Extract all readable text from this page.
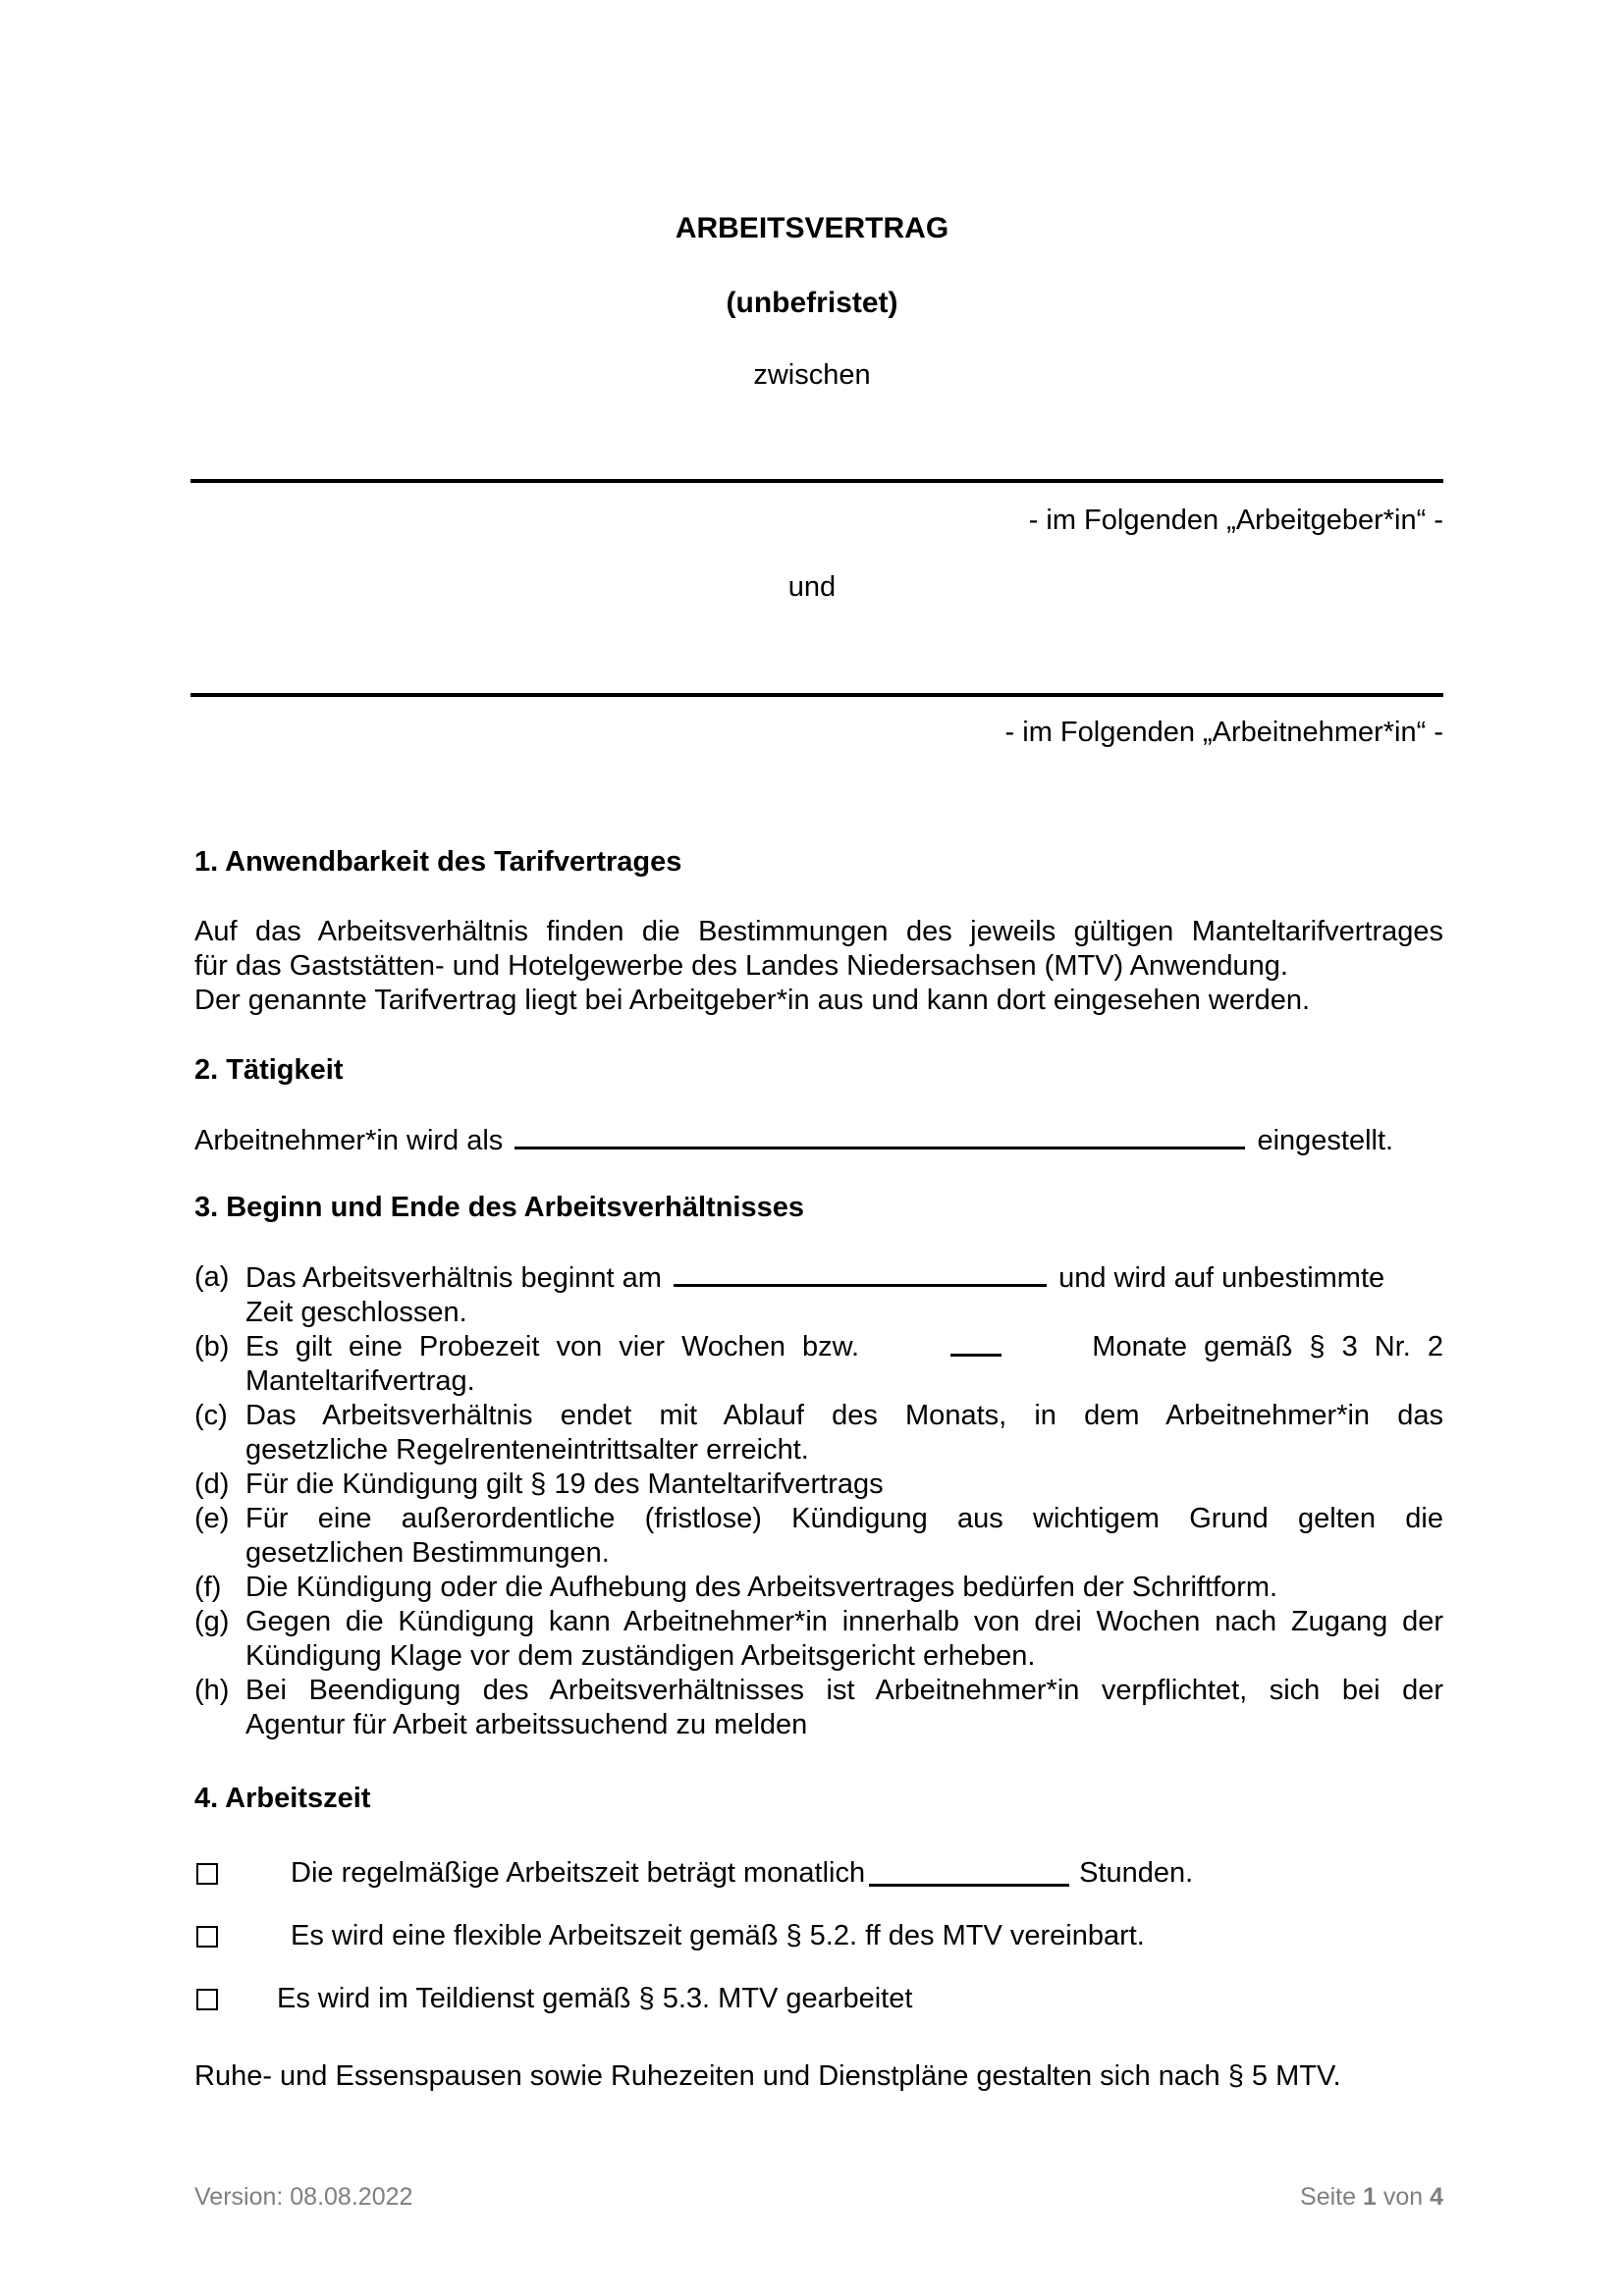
ARBEITSVERTRAG
(unbefristet)
zwischen
- im Folgenden „Arbeitgeber*in“ -
und
- im Folgenden „Arbeitnehmer*in“ -
1. Anwendbarkeit des Tarifvertrages

Auf das Arbeitsverhältnis finden die Bestimmungen des jeweils gültigen Manteltarifvertrages

für das Gaststätten- und Hotelgewerbe des Landes Niedersachsen (MTV) Anwendung.

Der genannte Tarifvertrag liegt bei Arbeitgeber*in aus und kann dort eingesehen werden.

2. Tätigkeit
Arbeitnehmer*in wird als	eingestellt.
3. Beginn und Ende des Arbeitsverhältnisses
(a) Das Arbeitsverhältnis beginnt am	und wird auf unbestimmte
Zeit geschlossen.
(b) Es gilt eine Probezeit von vier Wochen bzw.	Monate gemäß § 3 Nr. 2
Manteltarifvertrag.
(c) Das Arbeitsverhältnis endet mit Ablauf des Monats, in dem Arbeitnehmer*in das
gesetzliche Regelrenteneintrittsalter erreicht.
(d) Für die Kündigung gilt § 19 des Manteltarifvertrags
(e) Für eine außerordentliche (fristlose) Kündigung aus wichtigem Grund gelten die
gesetzlichen Bestimmungen.
(f) Die Kündigung oder die Aufhebung des Arbeitsvertrages bedürfen der Schriftform.
(g) Gegen die Kündigung kann Arbeitnehmer*in innerhalb von drei Wochen nach Zugang der
Kündigung Klage vor dem zuständigen Arbeitsgericht erheben.
(h) Bei Beendigung des Arbeitsverhältnisses ist Arbeitnehmer*in verpflichtet, sich bei der
Agentur für Arbeit arbeitssuchend zu melden
4. Arbeitszeit
Die regelmäßige Arbeitszeit beträgt monatlich	Stunden.
Es wird eine flexible Arbeitszeit gemäß § 5.2. ff des MTV vereinbart.
Es wird im Teildienst gemäß § 5.3. MTV gearbeitet
Ruhe- und Essenspausen sowie Ruhezeiten und Dienstpläne gestalten sich nach § 5 MTV.
Version: 08.08.2022	Seite 1 von 4
